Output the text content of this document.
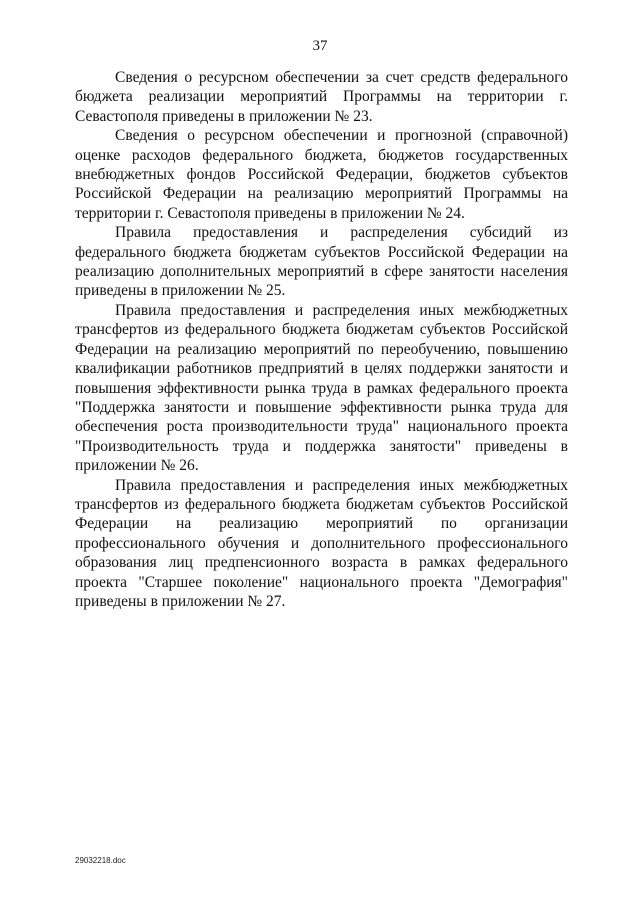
37

Сведения о ресурсном обеспечении за счет средств федерального бюджета реализации мероприятий Программы на территории г. Севастополя приведены в приложении № 23.

Сведения о ресурсном обеспечении и прогнозной (справочной) оценке расходов федерального бюджета, бюджетов государственных внебюджетных фондов Российской Федерации, бюджетов субъектов Российской Федерации на реализацию мероприятий Программы на территории г. Севастополя приведены в приложении № 24.

Правила предоставления и распределения субсидий из федерального бюджета бюджетам субъектов Российской Федерации на реализацию дополнительных мероприятий в сфере занятости населения приведены в приложении № 25.

Правила предоставления и распределения иных межбюджетных трансфертов из федерального бюджета бюджетам субъектов Российской Федерации на реализацию мероприятий по переобучению, повышению квалификации работников предприятий в целях поддержки занятости и повышения эффективности рынка труда в рамках федерального проекта "Поддержка занятости и повышение эффективности рынка труда для обеспечения роста производительности труда" национального проекта "Производительность труда и поддержка занятости" приведены в приложении № 26.

Правила предоставления и распределения иных межбюджетных трансфертов из федерального бюджета бюджетам субъектов Российской Федерации на реализацию мероприятий по организации профессионального обучения и дополнительного профессионального образования лиц предпенсионного возраста в рамках федерального проекта "Старшее поколение" национального проекта "Демография" приведены в приложении № 27.

29032218.doc
